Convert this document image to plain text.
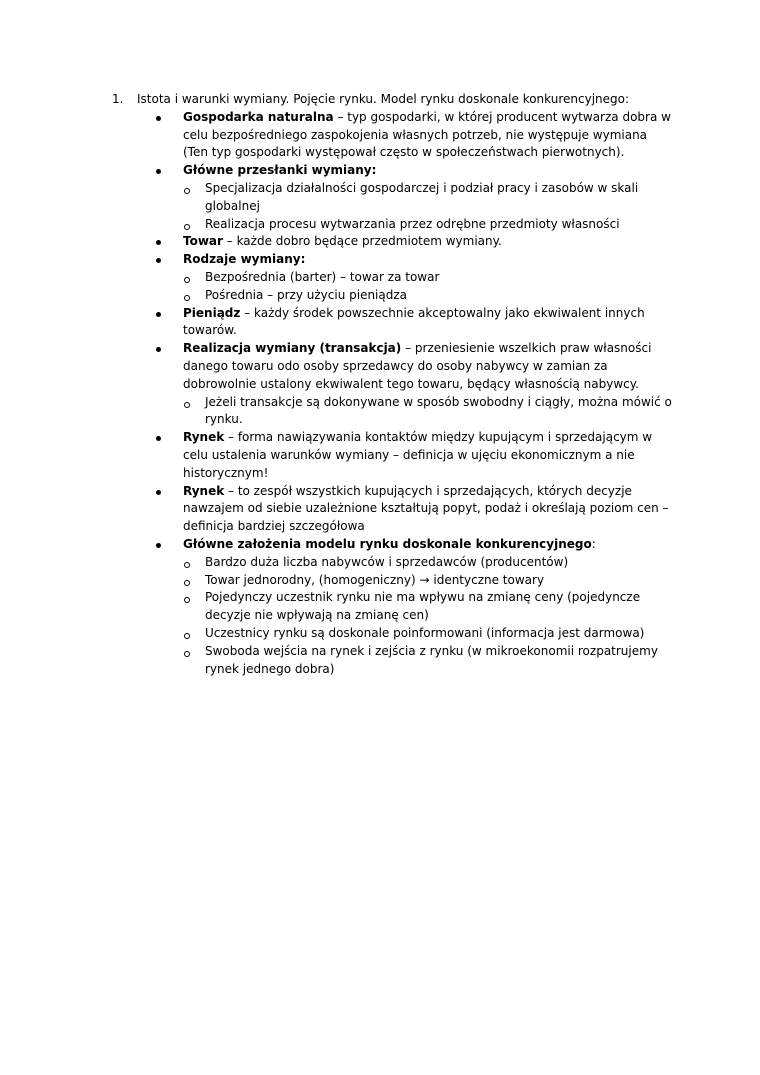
1. Istota i warunki wymiany. Pojęcie rynku. Model rynku doskonale konkurencyjnego:
Gospodarka naturalna – typ gospodarki, w której producent wytwarza dobra w celu bezpośredniego zaspokojenia własnych potrzeb, nie występuje wymiana (Ten typ gospodarki występował często w społeczeństwach pierwotnych).
Główne przesłanki wymiany:
Specjalizacja działalności gospodarczej i podział pracy i zasobów w skali globalnej
Realizacja procesu wytwarzania przez odrębne przedmioty własności
Towar – każde dobro będące przedmiotem wymiany.
Rodzaje wymiany:
Bezpośrednia (barter) – towar za towar
Pośrednia – przy użyciu pieniądza
Pieniądz – każdy środek powszechnie akceptowalny jako ekwiwalent innych towarów.
Realizacja wymiany (transakcja) – przeniesienie wszelkich praw własności danego towaru odo osoby sprzedawcy do osoby nabywcy w zamian za dobrowolnie ustalony ekwiwalent tego towaru, będący własnością nabywcy.
Jeżeli transakcje są dokonywane w sposób swobodny i ciągły, można mówić o rynku.
Rynek – forma nawiązywania kontaktów między kupującym i sprzedającym w celu ustalenia warunków wymiany – definicja w ujęciu ekonomicznym a nie historycznym!
Rynek – to zespół wszystkich kupujących i sprzedających, których decyzje nawzajem od siebie uzależnione kształtują popyt, podaż i określają poziom cen – definicja bardziej szczegółowa
Główne założenia modelu rynku doskonale konkurencyjnego:
Bardzo duża liczba nabywców i sprzedawców (producentów)
Towar jednorodny, (homogeniczny) → identyczne towary
Pojedynczy uczestnik rynku nie ma wpływu na zmianę ceny (pojedyncze decyzje nie wpływają na zmianę cen)
Uczestnicy rynku są doskonale poinformowani (informacja jest darmowa)
Swoboda wejścia na rynek i zejścia z rynku (w mikroekonomii rozpatrujemy rynek jednego dobra)
